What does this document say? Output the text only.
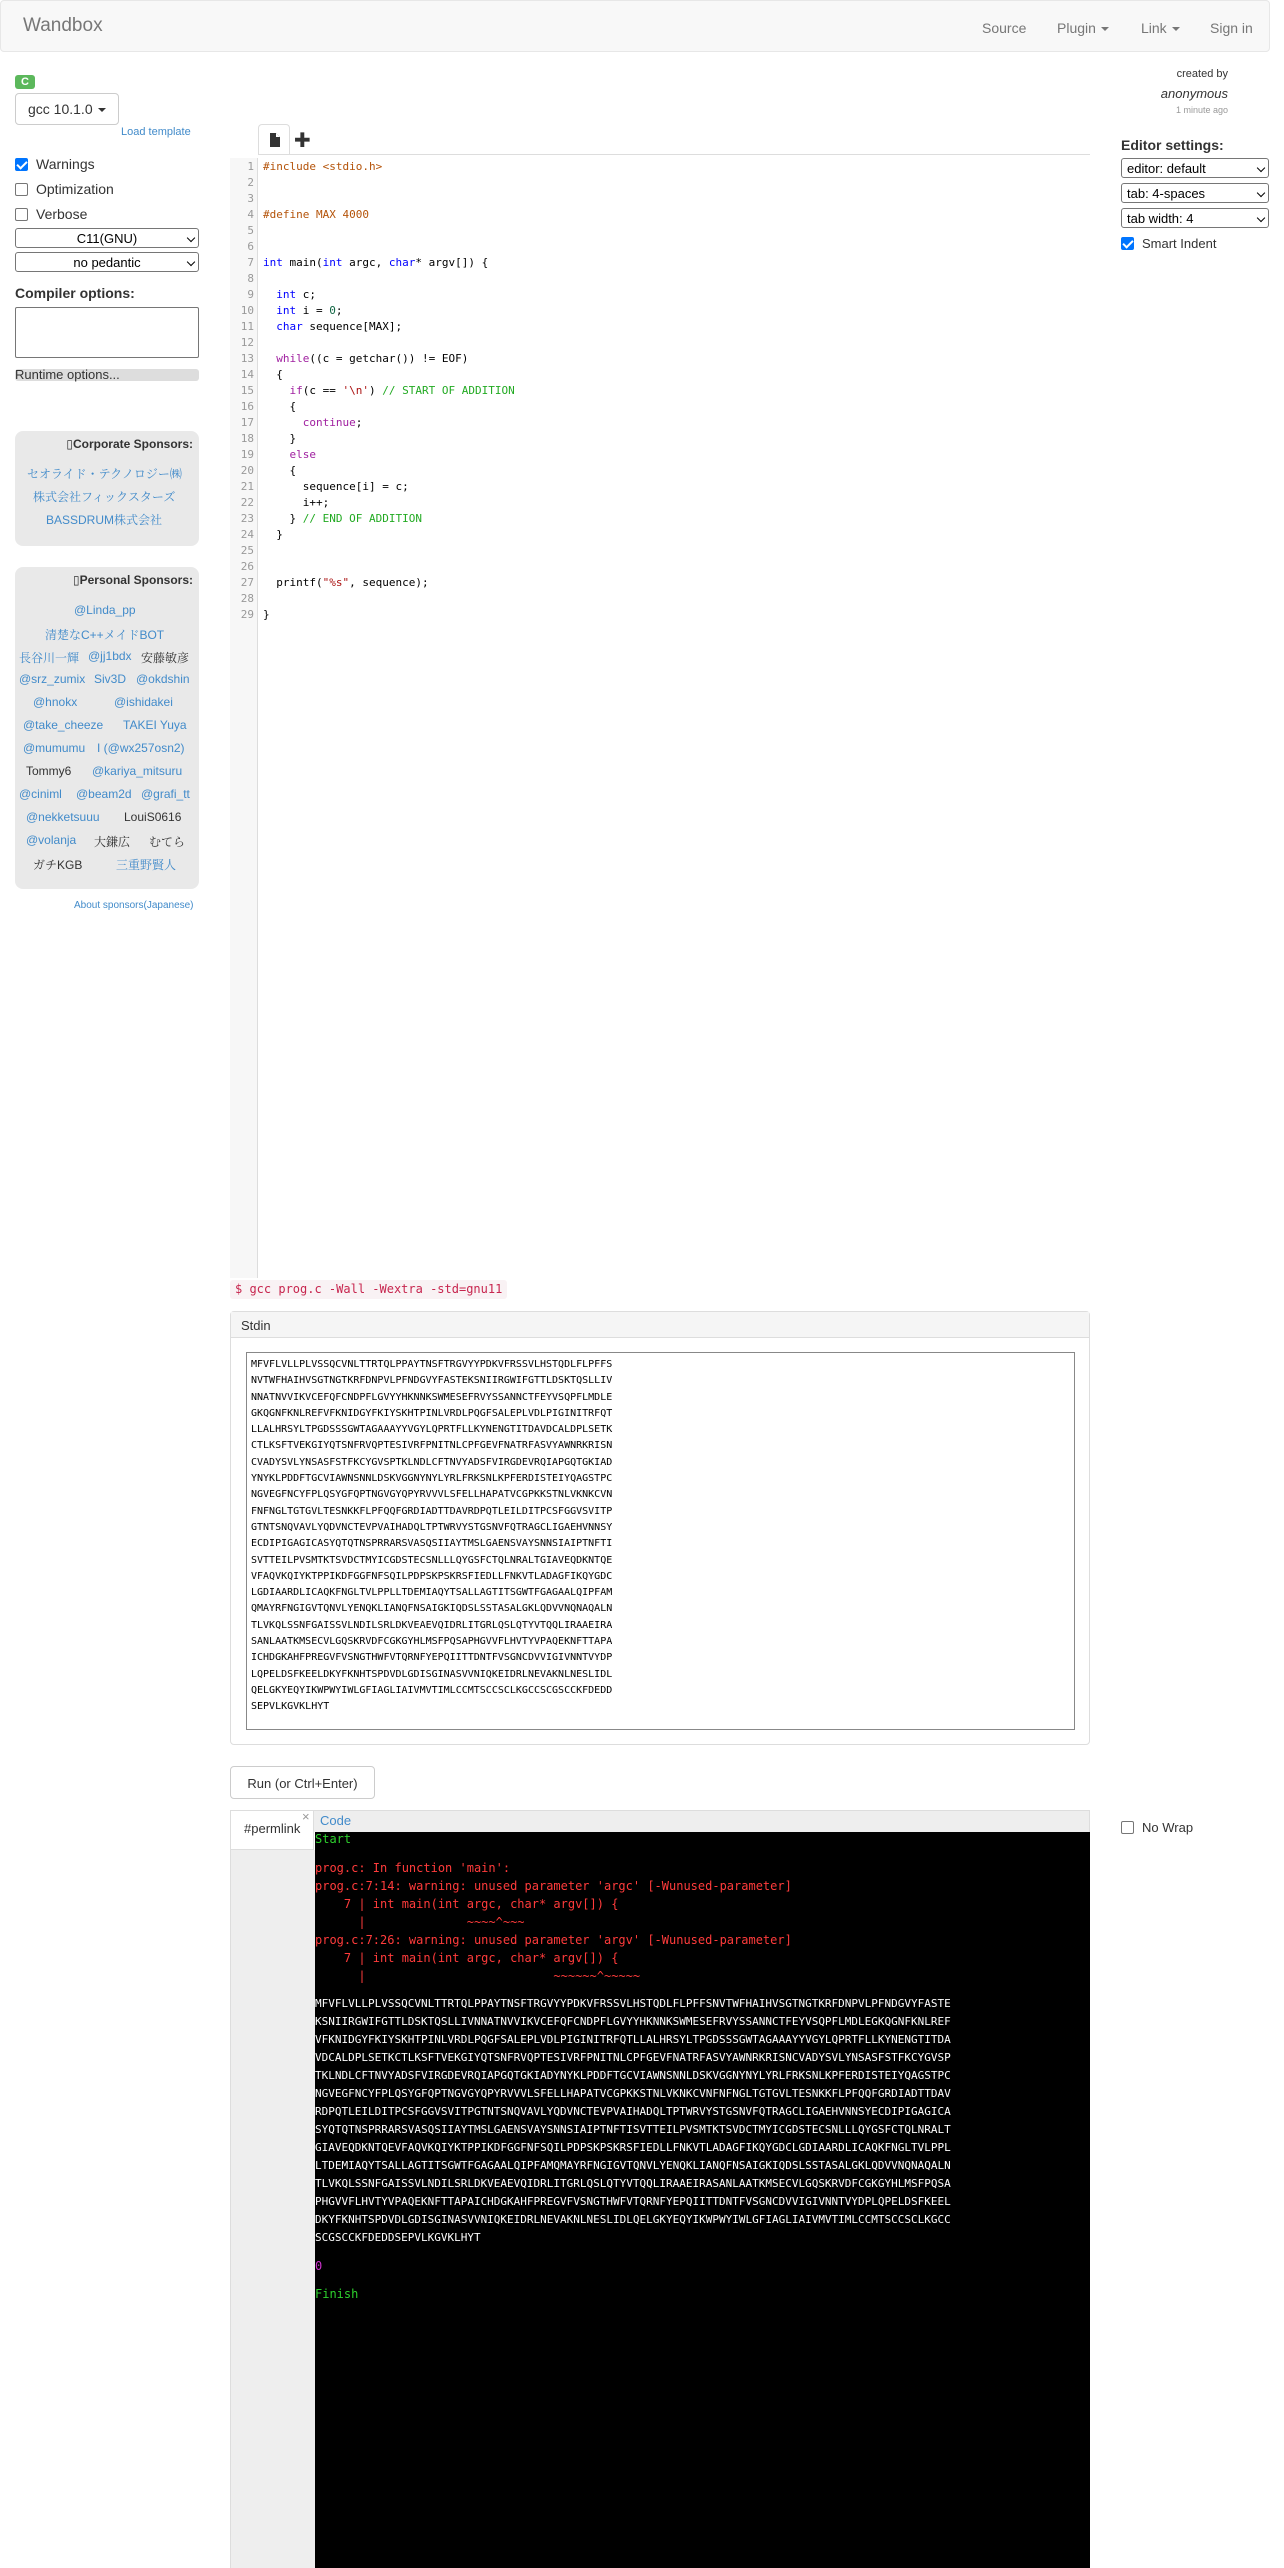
Wandbox	Source Plugin	Link	Sign in
C
gcc 10.1.0
Load template
Warnings
Optimization
Verbose
C11(GNU)
no pedantic
Compiler options:
Runtime options...
▯Corporate Sponsors:
セオライド・テクノロジー㈱
株式会社フィックスターズ
BASSDRUM株式会社
▯Personal Sponsors:
@Linda_pp
清楚なC++メイドBOT
長谷川一輝 @jj1bdx 安藤敏彦
@srz_zumix Siv3D @okdshin
@hnokx	@ishidakei
@take_cheeze TAKEI Yuya
@mumumu I (@wx257osn2)
Tommy6 @kariya_mitsuru
@ciniml @beam2d @grafi_tt
@nekketsuuu LouiS0616
@volanja 大鎌広 むてら
ガチKGB	三重野賢人
About sponsors(Japanese)
✚
1
2
3
4
5
6
7
8
9
10
11
12
13
14
15
16
17
18
19
20
21
22
23
24
25
26
27
28
29
#include <stdio.h>
#define MAX 4000
int main(int argc, char* argv[]) {
int c;
int i = 0;
char sequence[MAX];
while((c = getchar()) != EOF)
{
if(c == '\n') // START OF ADDITION
{
continue;
}
else
{
sequence[i] = c;
i++;
} // END OF ADDITION
}
printf("%s", sequence);
}
created by
anonymous
1 minute ago
Editor settings:
editor: default
tab: 4-spaces
tab width: 4
Smart Indent
$ gcc prog.c -Wall -Wextra -std=gnu11
Stdin
MFVFLVLLPLVSSQCVNLTTRTQLPPAYTNSFTRGVYYPDKVFRSSVLHSTQDLFLPFFS
NVTWFHAIHVSGTNGTKRFDNPVLPFNDGVYFASTEKSNIIRGWIFGTTLDSKTQSLLIV
NNATNVVIKVCEFQFCNDPFLGVYYHKNNKSWMESEFRVYSSANNCTFEYVSQPFLMDLE
GKQGNFKNLREFVFKNIDGYFKIYSKHTPINLVRDLPQGFSALEPLVDLPIGINITRFQT
LLALHRSYLTPGDSSSGWTAGAAAYYVGYLQPRTFLLKYNENGTITDAVDCALDPLSETK
CTLKSFTVEKGIYQTSNFRVQPTESIVRFPNITNLCPFGEVFNATRFASVYAWNRKRISN
CVADYSVLYNSASFSTFKCYGVSPTKLNDLCFTNVYADSFVIRGDEVRQIAPGQTGKIAD
YNYKLPDDFTGCVIAWNSNNLDSKVGGNYNYLYRLFRKSNLKPFERDISTEIYQAGSTPC
NGVEGFNCYFPLQSYGFQPTNGVGYQPYRVVVLSFELLHAPATVCGPKKSTNLVKNKCVN
FNFNGLTGTGVLTESNKKFLPFQQFGRDIADTTDAVRDPQTLEILDITPCSFGGVSVITP
GTNTSNQVAVLYQDVNCTEVPVAIHADQLTPTWRVYSTGSNVFQTRAGCLIGAEHVNNSY
ECDIPIGAGICASYQTQTNSPRRARSVASQSIIAYTMSLGAENSVAYSNNSIAIPTNFTI
SVTTEILPVSMTKTSVDCTMYICGDSTECSNLLLQYGSFCTQLNRALTGIAVEQDKNTQE
VFAQVKQIYKTPPIKDFGGFNFSQILPDPSKPSKRSFIEDLLFNKVTLADAGFIKQYGDC
LGDIAARDLICAQKFNGLTVLPPLLTDEMIAQYTSALLAGTITSGWTFGAGAALQIPFAM
QMAYRFNGIGVTQNVLYENQKLIANQFNSAIGKIQDSLSSTASALGKLQDVVNQNAQALN
TLVKQLSSNFGAISSVLNDILSRLDKVEAEVQIDRLITGRLQSLQTYVTQQLIRAAEIRA
SANLAATKMSECVLGQSKRVDFCGKGYHLMSFPQSAPHGVVFLHVTYVPAQEKNFTTAPA
ICHDGKAHFPREGVFVSNGTHWFVTQRNFYEPQIITTDNTFVSGNCDVVIGIVNNTVYDP
LQPELDSFKEELDKYFKNHTSPDVDLGDISGINASVVNIQKEIDRLNEVAKNLNESLIDL
QELGKYEQYIKWPWYIWLGFIAGLIAIVMVTIMLCCMTSCCSCLKGCCSCGSCCKFDEDD
SEPVLKGVKLHYT
Run (or Ctrl+Enter)
#permlink
× Code
Start
prog.c: In function 'main':
prog.c:7:14: warning: unused parameter 'argc' [-Wunused-parameter]
7 | int main(int argc, char* argv[]) {
|              ~~~~^~~~
prog.c:7:26: warning: unused parameter 'argv' [-Wunused-parameter]
7 | int main(int argc, char* argv[]) {
|                          ~~~~~~^~~~~~
MFVFLVLLPLVSSQCVNLTTRTQLPPAYTNSFTRGVYYPDKVFRSSVLHSTQDLFLPFFSNVTWFHAIHVSGTNGTKRFDNPVLPFNDGVYFASTE
KSNIIRGWIFGTTLDSKTQSLLIVNNATNVVIKVCEFQFCNDPFLGVYYHKNNKSWMESEFRVYSSANNCTFEYVSQPFLMDLEGKQGNFKNLREF
VFKNIDGYFKIYSKHTPINLVRDLPQGFSALEPLVDLPIGINITRFQTLLALHRSYLTPGDSSSGWTAGAAAYYVGYLQPRTFLLKYNENGTITDA
VDCALDPLSETKCTLKSFTVEKGIYQTSNFRVQPTESIVRFPNITNLCPFGEVFNATRFASVYAWNRKRISNCVADYSVLYNSASFSTFKCYGVSP
TKLNDLCFTNVYADSFVIRGDEVRQIAPGQTGKIADYNYKLPDDFTGCVIAWNSNNLDSKVGGNYNYLYRLFRKSNLKPFERDISTEIYQAGSTPC
NGVEGFNCYFPLQSYGFQPTNGVGYQPYRVVVLSFELLHAPATVCGPKKSTNLVKNKCVNFNFNGLTGTGVLTESNKKFLPFQQFGRDIADTTDAV
RDPQTLEILDITPCSFGGVSVITPGTNTSNQVAVLYQDVNCTEVPVAIHADQLTPTWRVYSTGSNVFQTRAGCLIGAEHVNNSYECDIPIGAGICA
SYQTQTNSPRRARSVASQSIIAYTMSLGAENSVAYSNNSIAIPTNFTISVTTEILPVSMTKTSVDCTMYICGDSTECSNLLLQYGSFCTQLNRALT
GIAVEQDKNTQEVFAQVKQIYKTPPIKDFGGFNFSQILPDPSKPSKRSFIEDLLFNKVTLADAGFIKQYGDCLGDIAARDLICAQKFNGLTVLPPL
LTDEMIAQYTSALLAGTITSGWTFGAGAALQIPFAMQMAYRFNGIGVTQNVLYENQKLIANQFNSAIGKIQDSLSSTASALGKLQDVVNQNAQALN
TLVKQLSSNFGAISSVLNDILSRLDKVEAEVQIDRLITGRLQSLQTYVTQQLIRAAEIRASANLAATKMSECVLGQSKRVDFCGKGYHLMSFPQSA
PHGVVFLHVTYVPAQEKNFTTAPAICHDGKAHFPREGVFVSNGTHWFVTQRNFYEPQIITTDNTFVSGNCDVVIGIVNNTVYDPLQPELDSFKEEL
DKYFKNHTSPDVDLGDISGINASVVNIQKEIDRLNEVAKNLNESLIDLQELGKYEQYIKWPWYIWLGFIAGLIAIVMVTIMLCCMTSCCSCLKGCC
SCGSCCKFDEDDSEPVLKGVKLHYT
0
Finish
No Wrap
